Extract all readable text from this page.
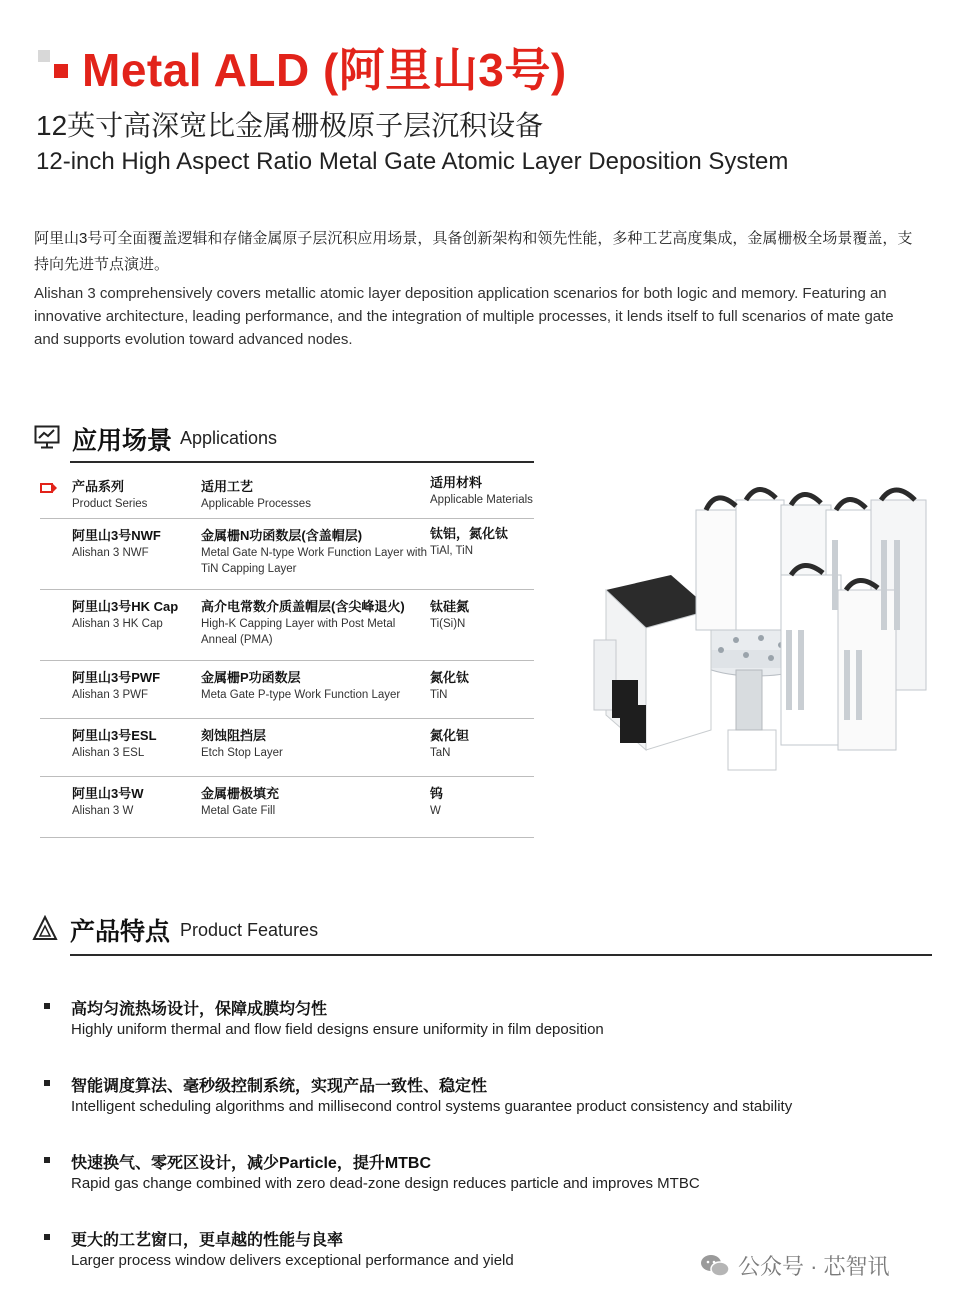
Metal ALD (阿里山3号)
12英寸高深宽比金属栅极原子层沉积设备
12-inch High Aspect Ratio Metal Gate Atomic Layer Deposition System
阿里山3号可全面覆盖逻辑和存储金属原子层沉积应用场景，具备创新架构和领先性能，多种工艺高度集成，金属栅极全场景覆盖，支持向先进节点演进。
Alishan 3 comprehensively covers metallic atomic layer deposition application scenarios for both logic and memory. Featuring an innovative architecture, leading performance, and the integration of multiple processes, it lends itself to full scenarios of mate gate and supports evolution toward advanced nodes.
应用场景 Applications
产品系列
Product Series
适用工艺
Applicable Processes
适用材料
Applicable Materials
阿里山3号NWF
Alishan 3 NWF
金属栅N功函数层(含盖帽层)
Metal Gate N-type Work Function Layer with TiN Capping Layer
钛铝，氮化钛
TiAl, TiN
阿里山3号HK Cap
Alishan 3 HK Cap
高介电常数介质盖帽层(含尖峰退火)
High-K Capping Layer with Post Metal Anneal (PMA)
钛硅氮
Ti(Si)N
阿里山3号PWF
Alishan 3 PWF
金属栅P功函数层
Meta Gate P-type Work Function Layer
氮化钛
TiN
阿里山3号ESL
Alishan 3 ESL
刻蚀阻挡层
Etch Stop Layer
氮化钽
TaN
阿里山3号W
Alishan 3 W
金属栅极填充
Metal Gate Fill
钨
W
产品特点 Product Features
高均匀流热场设计，保障成膜均匀性
Highly uniform thermal and flow field designs ensure uniformity in film deposition
智能调度算法、毫秒级控制系统，实现产品一致性、稳定性
Intelligent scheduling algorithms and millisecond control systems guarantee product consistency and stability
快速换气、零死区设计，减少Particle，提升MTBC
Rapid gas change combined with zero dead-zone design reduces particle and improves MTBC
更大的工艺窗口，更卓越的性能与良率
Larger process window delivers exceptional performance and yield	公众号 · 芯智讯
